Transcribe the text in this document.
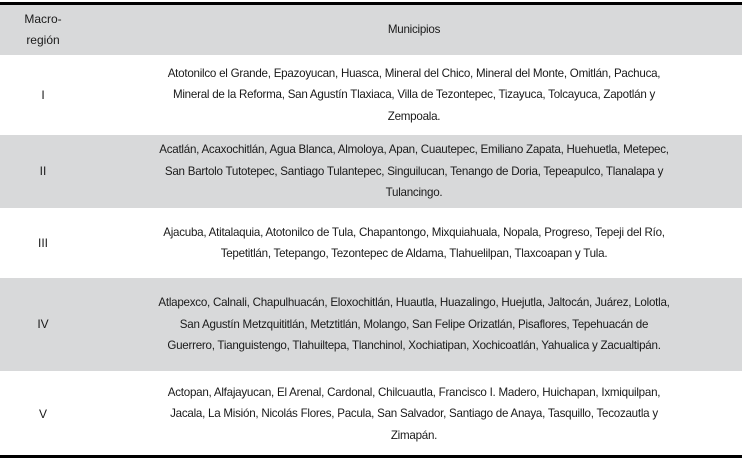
Macro-
región
Municipios
I
Atotonilco el Grande, Epazoyucan, Huasca, Mineral del Chico, Mineral del Monte, Omitlán, Pachuca,
Mineral de la Reforma, San Agustín Tlaxiaca, Villa de Tezontepec, Tizayuca, Tolcayuca, Zapotlán y
Zempoala.
II
Acatlán, Acaxochitlán, Agua Blanca, Almoloya, Apan, Cuautepec, Emiliano Zapata, Huehuetla, Metepec,
San Bartolo Tutotepec, Santiago Tulantepec, Singuilucan, Tenango de Doria, Tepeapulco, Tlanalapa y
Tulancingo.
III
Ajacuba, Atitalaquia, Atotonilco de Tula, Chapantongo, Mixquiahuala, Nopala, Progreso, Tepeji del Río,
Tepetitlán, Tetepango, Tezontepec de Aldama, Tlahuelilpan, Tlaxcoapan y Tula.
IV
Atlapexco, Calnali, Chapulhuacán, Eloxochitlán, Huautla, Huazalingo, Huejutla, Jaltocán, Juárez, Lolotla,
San Agustín Metzquititlán, Metztitlán, Molango, San Felipe Orizatlán, Pisaflores, Tepehuacán de
Guerrero, Tianguistengo, Tlahuiltepa, Tlanchinol, Xochiatipan, Xochicoatlán, Yahualica y Zacualtipán.
V
Actopan, Alfajayucan, El Arenal, Cardonal, Chilcuautla, Francisco I. Madero, Huichapan, Ixmiquilpan,
Jacala, La Misión, Nicolás Flores, Pacula, San Salvador, Santiago de Anaya, Tasquillo, Tecozautla y
Zimapán.
